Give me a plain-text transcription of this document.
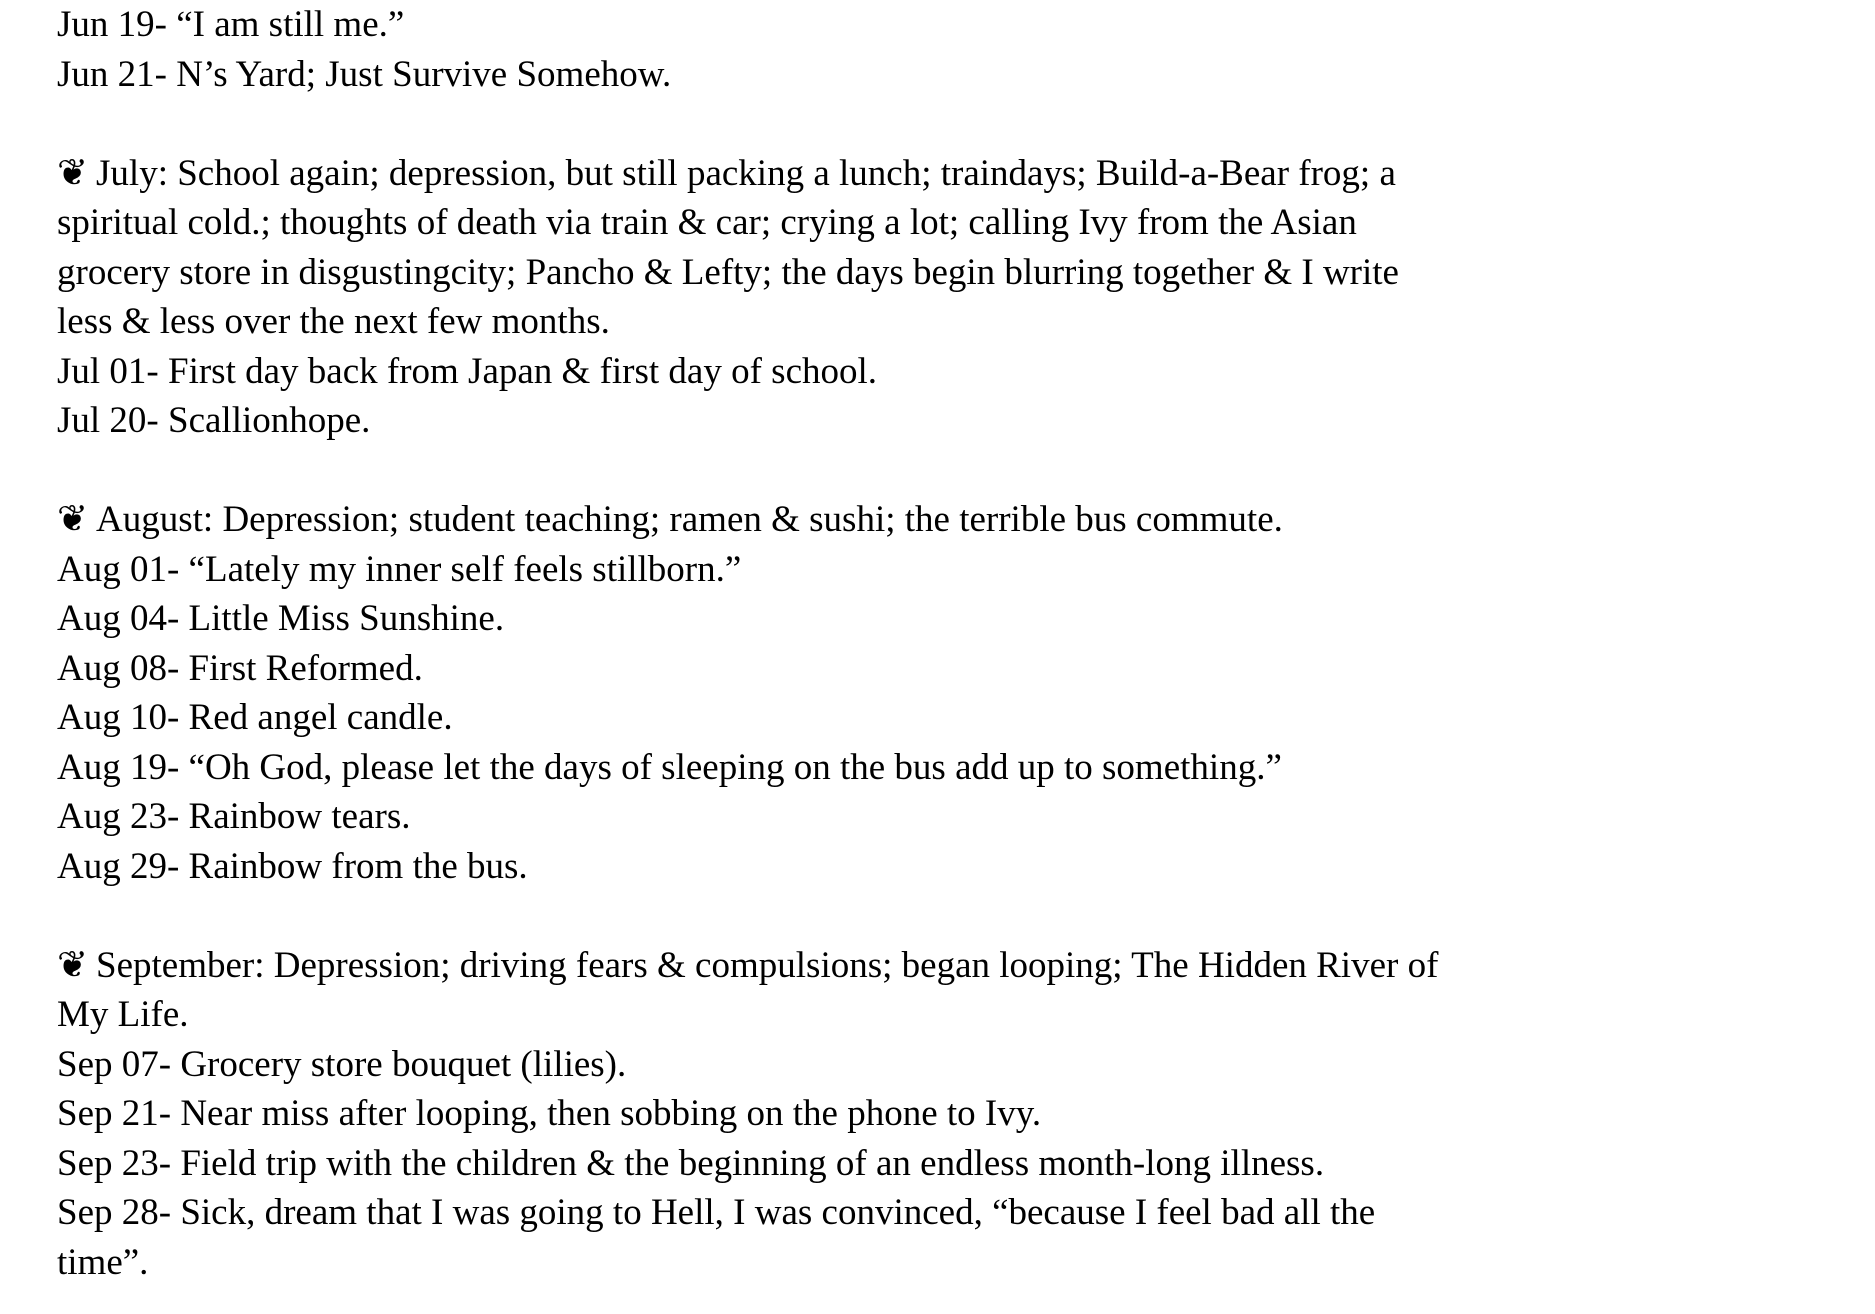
Jun 19- “I am still me.”
Jun 21- N’s Yard; Just Survive Somehow.
❦ July: School again; depression, but still packing a lunch; traindays; Build-a-Bear frog; a spiritual cold.; thoughts of death via train & car; crying a lot; calling Ivy from the Asian grocery store in disgustingcity; Pancho & Lefty; the days begin blurring together & I write less & less over the next few months.
Jul 01- First day back from Japan & first day of school.
Jul 20- Scallionhope.
❦ August: Depression; student teaching; ramen & sushi; the terrible bus commute.
Aug 01- “Lately my inner self feels stillborn.”
Aug 04- Little Miss Sunshine.
Aug 08- First Reformed.
Aug 10- Red angel candle.
Aug 19- “Oh God, please let the days of sleeping on the bus add up to something.”
Aug 23- Rainbow tears.
Aug 29- Rainbow from the bus.
❦ September: Depression; driving fears & compulsions; began looping; The Hidden River of My Life.
Sep 07- Grocery store bouquet (lilies).
Sep 21- Near miss after looping, then sobbing on the phone to Ivy.
Sep 23- Field trip with the children & the beginning of an endless month-long illness.
Sep 28- Sick, dream that I was going to Hell, I was convinced, “because I feel bad all the time”.
